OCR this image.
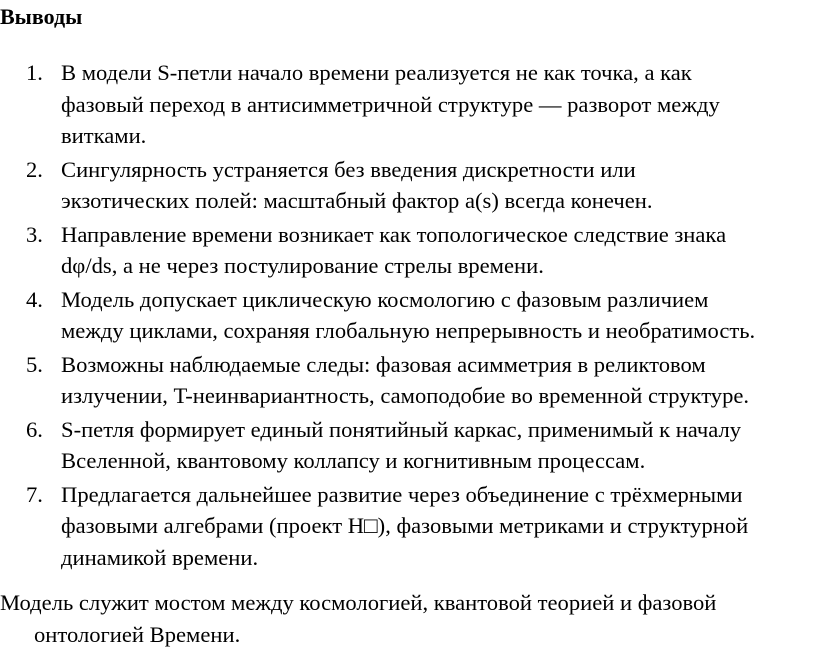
Выводы
1. В модели S-петли начало времени реализуется не как точка, а как
фазовый переход в антисимметричной структуре — разворот между
витками.
2. Сингулярность устраняется без введения дискретности или
экзотических полей: масштабный фактор a(s) всегда конечен.
3. Направление времени возникает как топологическое следствие знака
dφ/ds, а не через постулирование стрелы времени.
4. Модель допускает циклическую космологию с фазовым различием
между циклами, сохраняя глобальную непрерывность и необратимость.
5. Возможны наблюдаемые следы: фазовая асимметрия в реликтовом
излучении, T-неинвариантность, самоподобие во временной структуре.
6. S-петля формирует единый понятийный каркас, применимый к началу
Вселенной, квантовому коллапсу и когнитивным процессам.
7. Предлагается дальнейшее развитие через объединение с трёхмерными
фазовыми алгебрами (проект H□), фазовыми метриками и структурной
динамикой времени.

Модель служит мостом между космологией, квантовой теорией и фазовой
онтологией Времени.
